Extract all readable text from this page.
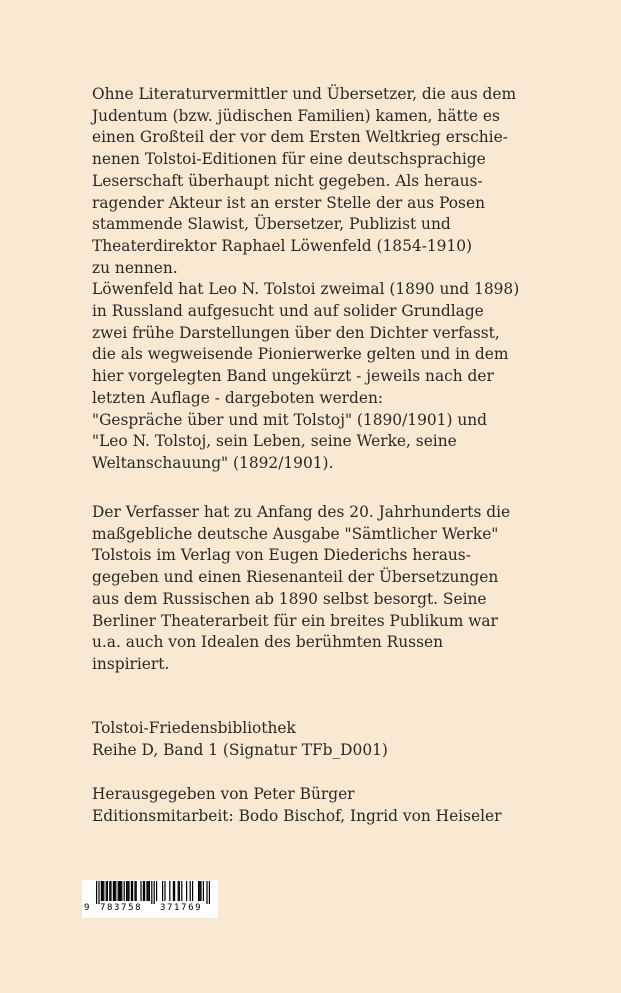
Ohne Literaturvermittler und Übersetzer, die aus dem
Judentum (bzw. jüdischen Familien) kamen, hätte es
einen Großteil der vor dem Ersten Weltkrieg erschie-
nenen Tolstoi-Editionen für eine deutschsprachige
Leserschaft überhaupt nicht gegeben. Als heraus-
ragender Akteur ist an erster Stelle der aus Posen
stammende Slawist, Übersetzer, Publizist und
Theaterdirektor Raphael Löwenfeld (1854-1910)
zu nennen.
Löwenfeld hat Leo N. Tolstoi zweimal (1890 und 1898)
in Russland aufgesucht und auf solider Grundlage
zwei frühe Darstellungen über den Dichter verfasst,
die als wegweisende Pionierwerke gelten und in dem
hier vorgelegten Band ungekürzt - jeweils nach der
letzten Auflage - dargeboten werden:
"Gespräche über und mit Tolstoj" (1890/1901) und
"Leo N. Tolstoj, sein Leben, seine Werke, seine
Weltanschauung" (1892/1901).
Der Verfasser hat zu Anfang des 20. Jahrhunderts die
maßgebliche deutsche Ausgabe "Sämtlicher Werke"
Tolstois im Verlag von Eugen Diederichs heraus-
gegeben und einen Riesenanteil der Übersetzungen
aus dem Russischen ab 1890 selbst besorgt. Seine
Berliner Theaterarbeit für ein breites Publikum war
u.a. auch von Idealen des berühmten Russen
inspiriert.
Tolstoi-Friedensbibliothek
Reihe D, Band 1 (Signatur TFb_D001)
Herausgegeben von Peter Bürger
Editionsmitarbeit: Bodo Bischof, Ingrid von Heiseler
9 783758 371769
